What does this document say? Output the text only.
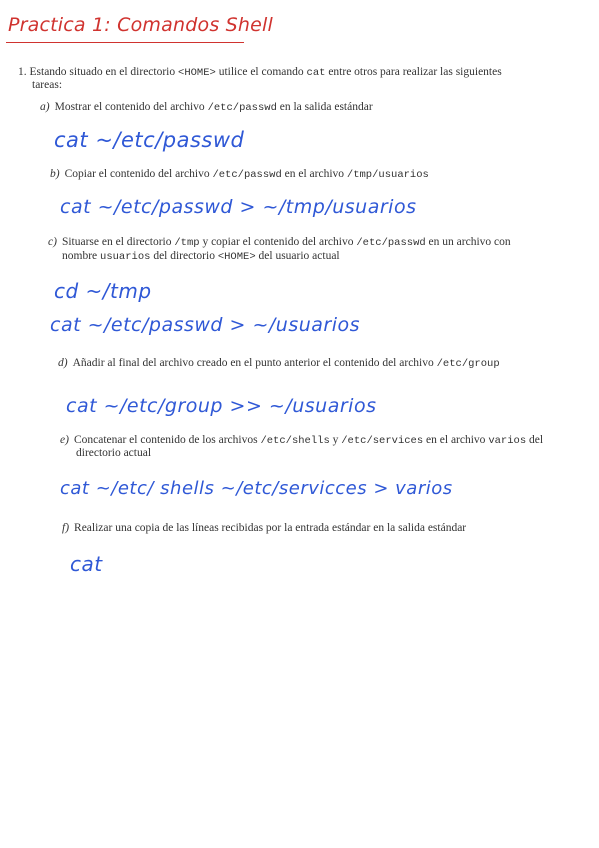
Practica 1: Comandos Shell
1. Estando situado en el directorio <HOME> utilice el comando cat entre otros para realizar las siguientes
tareas:
a) Mostrar el contenido del archivo /etc/passwd en la salida estándar
cat ~/etc/passwd
b) Copiar el contenido del archivo /etc/passwd en el archivo /tmp/usuarios
cat ~/etc/passwd > ~/tmp/usuarios
c) Situarse en el directorio /tmp y copiar el contenido del archivo /etc/passwd en un archivo con
nombre usuarios del directorio <HOME> del usuario actual
cd ~/tmp
cat ~/etc/passwd > ~/usuarios
d) Añadir al final del archivo creado en el punto anterior el contenido del archivo /etc/group
cat ~/etc/group >> ~/usuarios
e) Concatenar el contenido de los archivos /etc/shells y /etc/services en el archivo varios del
directorio actual
cat ~/etc/ shells ~/etc/servicces > varios
f) Realizar una copia de las líneas recibidas por la entrada estándar en la salida estándar
cat
